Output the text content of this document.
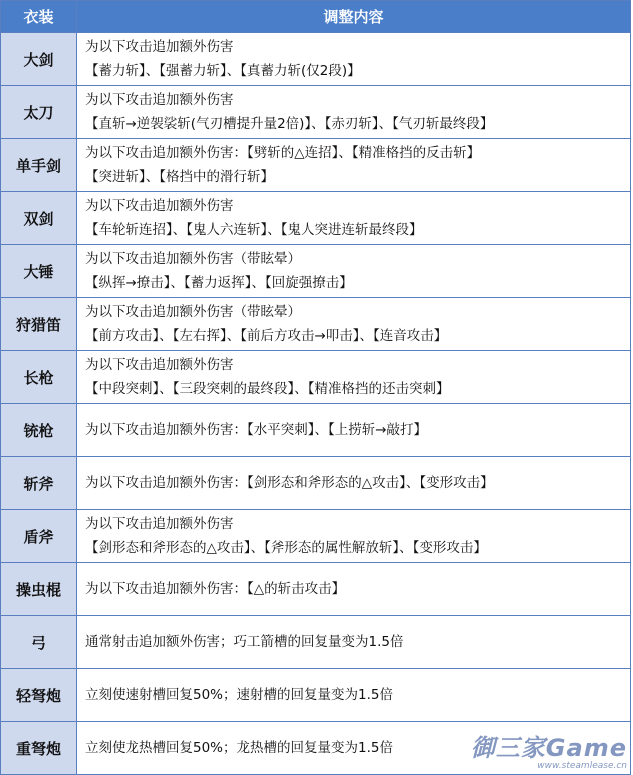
衣装	调整内容
大剑	为以下攻击追加额外伤害
【蓄力斩】、【强蓄力斩】、【真蓄力斩(仅2段)】

太刀	为以下攻击追加额外伤害
【直斩→逆袈裟斩(气刃槽提升量2倍)】、【赤刃斩】、【气刃斩最终段】

单手剑	为以下攻击追加额外伤害：【劈斩的△连招】、【精准格挡的反击斩】
【突进斩】、【格挡中的滑行斩】

双剑	为以下攻击追加额外伤害
【车轮斩连招】、【鬼人六连斩】、【鬼人突进连斩最终段】

大锤	为以下攻击追加额外伤害（带眩晕）
【纵挥→撩击】、【蓄力返挥】、【回旋强撩击】

狩猎笛	为以下攻击追加额外伤害（带眩晕）
【前方攻击】、【左右挥】、【前后方攻击→叩击】、【连音攻击】

长枪	为以下攻击追加额外伤害
【中段突刺】、【三段突刺的最终段】、【精准格挡的还击突刺】

铳枪	为以下攻击追加额外伤害：【水平突刺】、【上捞斩→敲打】

斩斧	为以下攻击追加额外伤害：【剑形态和斧形态的△攻击】、【变形攻击】

盾斧	为以下攻击追加额外伤害
【剑形态和斧形态的△攻击】、【斧形态的属性解放斩】、【变形攻击】

操虫棍	为以下攻击追加额外伤害：【△的斩击攻击】

弓	通常射击追加额外伤害；巧工箭槽的回复量变为1.5倍

轻弩炮	立刻使速射槽回复50%；速射槽的回复量变为1.5倍

重弩炮	立刻使龙热槽回复50%；龙热槽的回复量变为1.5倍	御三家Game
www.steamlease.cn
